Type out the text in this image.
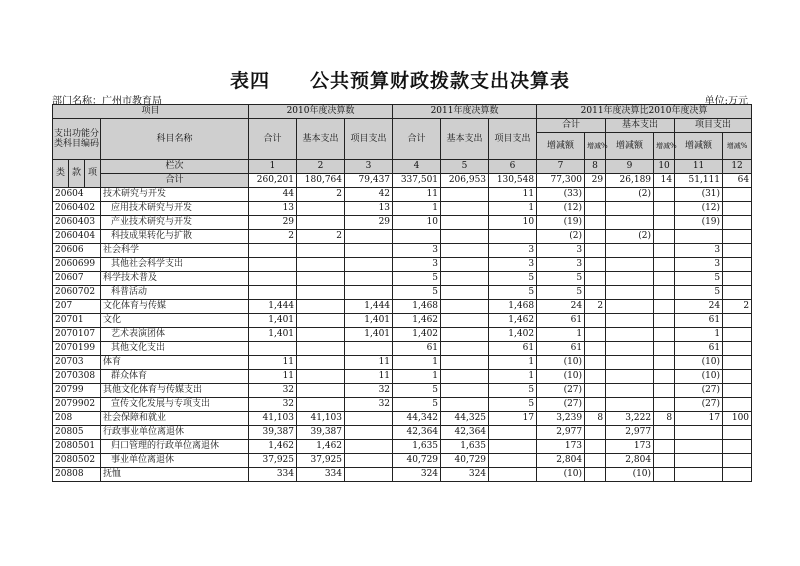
表四 公共预算财政拨款支出决算表
部门名称：广州市教育局	单位:万元
项目				2010年度决算数			2011年度决算数			2011年度决算比2010年度决算					
支出功能分类科目编码			科目名称	合计	基本支出	项目支出	合计	基本支出	项目支出	合计		基本支出		项目支出	
										增减额	增减%	增减额	增减%	增减额	增减%
类	款	项	栏次	1	2	3	4	5	6	7	8	9	10	11	12
			合计	260,201	180,764	79,437	337,501	206,953	130,548	77,300	29	26,189	14	51,111	64
20604			技术研究与开发	44	2	42	11		11	(33)		(2)		(31)	
2060402			应用技术研究与开发	13		13	1		1	(12)				(12)	
2060403			产业技术研究与开发	29		29	10		10	(19)				(19)	
2060404			科技成果转化与扩散	2	2					(2)		(2)			
20606			社会科学				3		3	3				3	
2060699			其他社会科学支出				3		3	3				3	
20607			科学技术普及				5		5	5				5	
2060702			科普活动				5		5	5				5	
207			文化体育与传媒	1,444		1,444	1,468		1,468	24	2			24	2
20701			文化	1,401		1,401	1,462		1,462	61				61	
2070107			艺术表演团体	1,401		1,401	1,402		1,402	1				1	
2070199			其他文化支出				61		61	61				61	
20703			体育	11		11	1		1	(10)				(10)	
2070308			群众体育	11		11	1		1	(10)				(10)	
20799			其他文化体育与传媒支出	32		32	5		5	(27)				(27)	
2079902			宣传文化发展与专项支出	32		32	5		5	(27)				(27)	
208			社会保障和就业	41,103	41,103		44,342	44,325	17	3,239	8	3,222	8	17	100
20805			行政事业单位离退休	39,387	39,387		42,364	42,364		2,977		2,977			
2080501			归口管理的行政单位离退休	1,462	1,462		1,635	1,635		173		173			
2080502			事业单位离退休	37,925	37,925		40,729	40,729		2,804		2,804			
20808			抚恤	334	334		324	324		(10)		(10)			
